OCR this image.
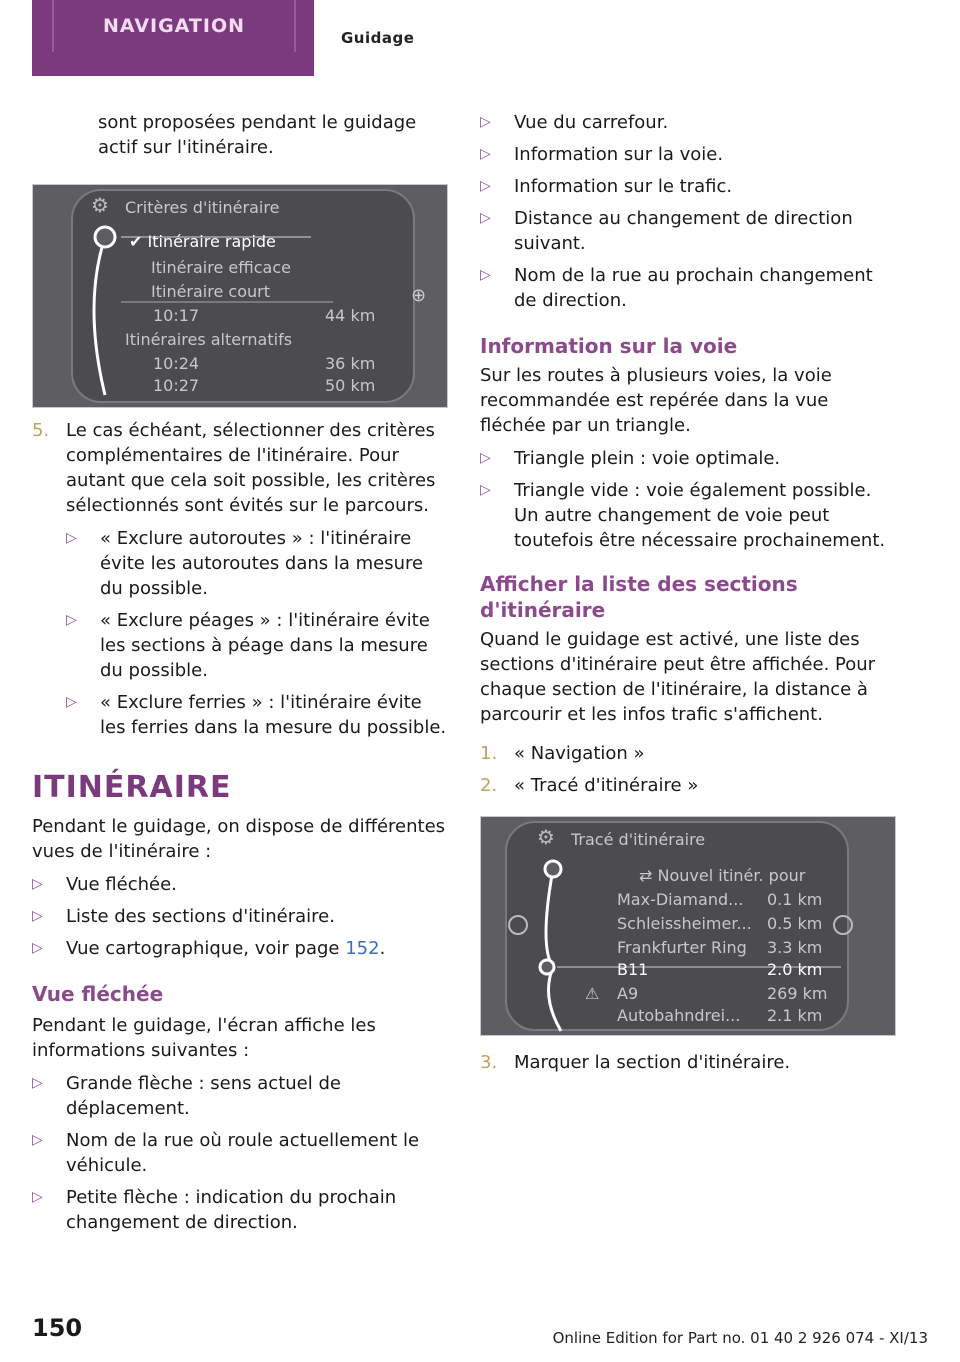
NAVIGATION
Guidage

sont proposées pendant le guidage actif sur l'itinéraire.

⚙ Critères d'itinéraire
✔ Itinéraire rapide
Itinéraire efficace
Itinéraire court
10:17	44 km
Itinéraires alternatifs
10:24	36 km
10:27	50 km
⊕
5. Le cas échéant, sélectionner des critères complémentaires de l'itinéraire. Pour autant que cela soit possible, les critères sélectionnés sont évités sur le parcours.
▷ « Exclure autoroutes » : l'itinéraire évite les autoroutes dans la mesure du possible.
▷ « Exclure péages » : l'itinéraire évite les sections à péage dans la mesure du possible.
▷ « Exclure ferries » : l'itinéraire évite les ferries dans la mesure du possible.
ITINÉRAIRE

Pendant le guidage, on dispose de différentes vues de l'itinéraire :

▷ Vue fléchée.
▷ Liste des sections d'itinéraire.
▷ Vue cartographique, voir page 152.
Vue fléchée

Pendant le guidage, l'écran affiche les informations suivantes :

▷ Grande flèche : sens actuel de déplacement.
▷ Nom de la rue où roule actuellement le véhicule.
▷ Petite flèche : indication du prochain changement de direction.
▷ Vue du carrefour.
▷ Information sur la voie.
▷ Information sur le trafic.
▷ Distance au changement de direction suivant.
▷ Nom de la rue au prochain changement de direction.
Information sur la voie

Sur les routes à plusieurs voies, la voie recommandée est repérée dans la vue fléchée par un triangle.

▷ Triangle plein : voie optimale.
▷ Triangle vide : voie également possible. Un autre changement de voie peut toutefois être nécessaire prochainement.
Afficher la liste des sections d'itinéraire

Quand le guidage est activé, une liste des sections d'itinéraire peut être affichée. Pour chaque section de l'itinéraire, la distance à parcourir et les infos trafic s'affichent.

1. « Navigation »
2. « Tracé d'itinéraire »
⚙ Tracé d'itinéraire
⇄ Nouvel itinér. pour
Max-Diamand... 0.1 km
Schleissheimer... 0.5 km
Frankfurter Ring 3.3 km
B11	2.0 km
A9	269 km
Autobahndrei... 2.1 km
⚠
3. Marquer la section d'itinéraire.
150	Online Edition for Part no. 01 40 2 926 074 - XI/13
